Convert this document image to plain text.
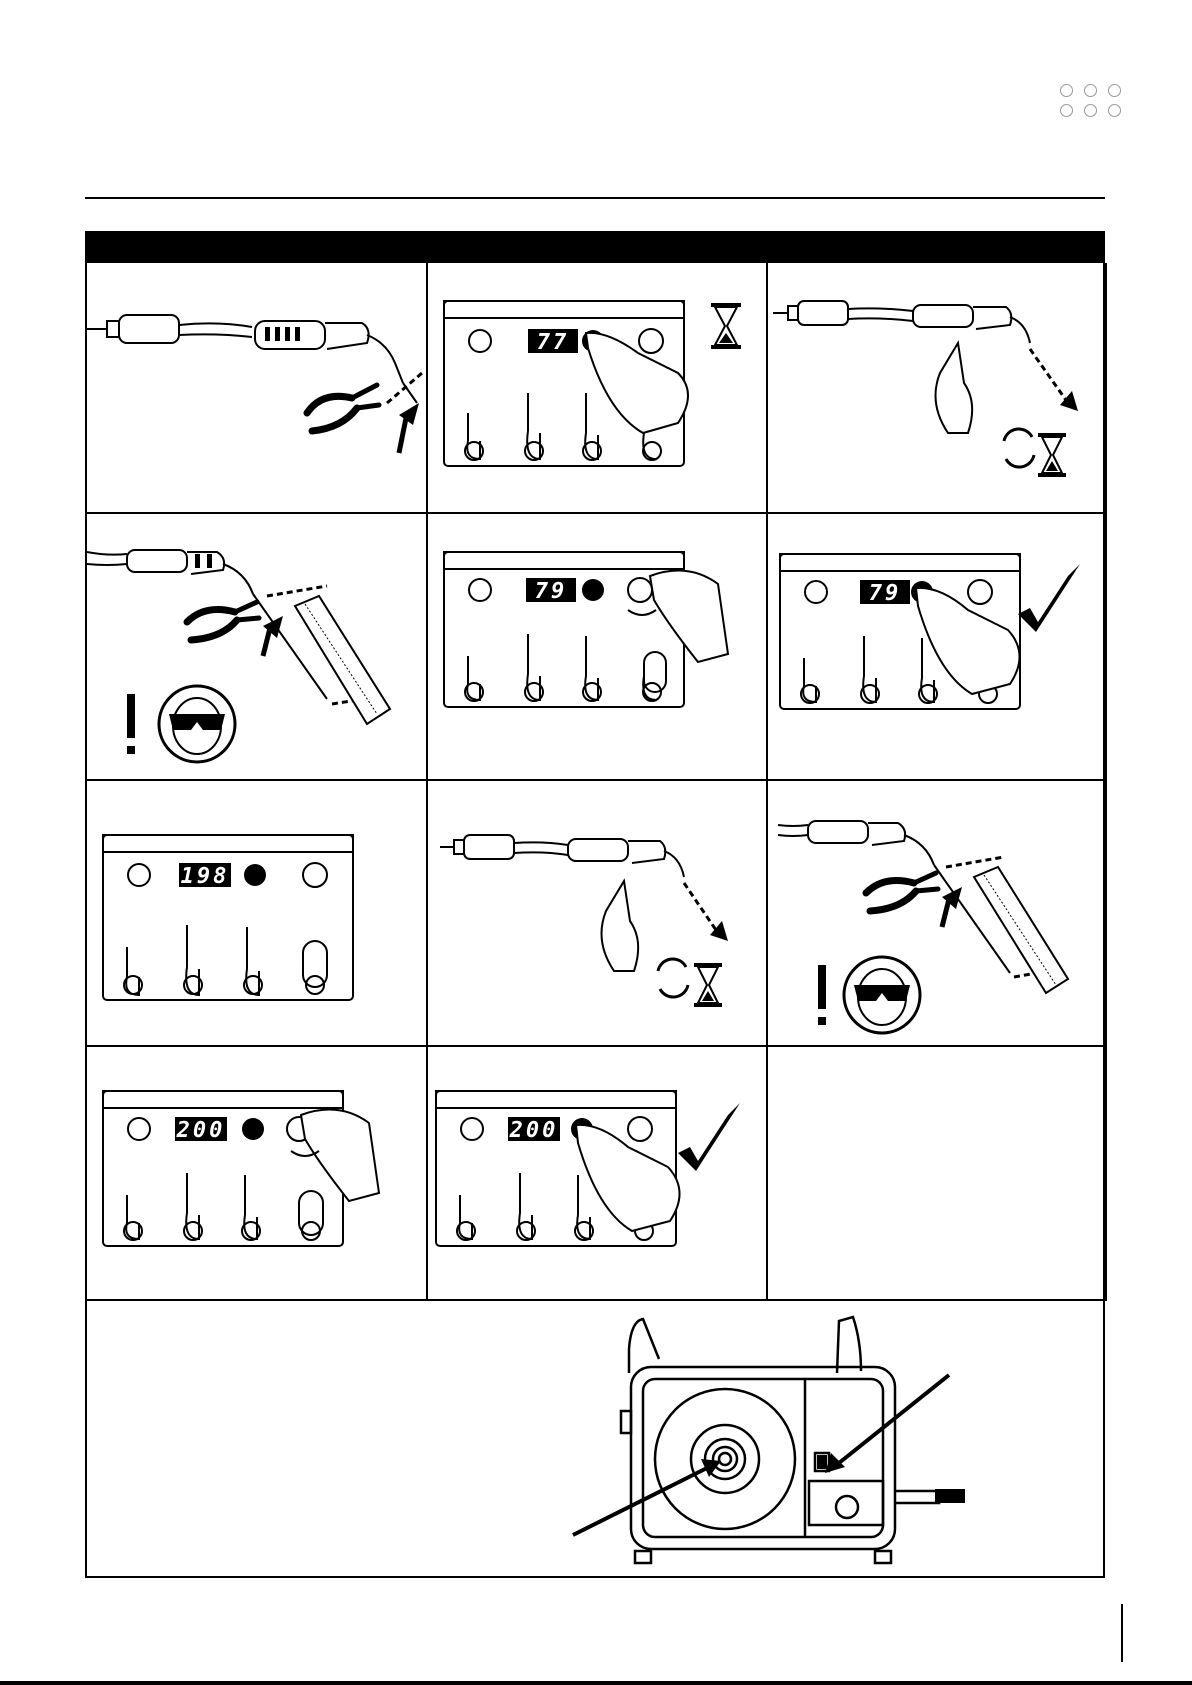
77
79	79
198
200	200
